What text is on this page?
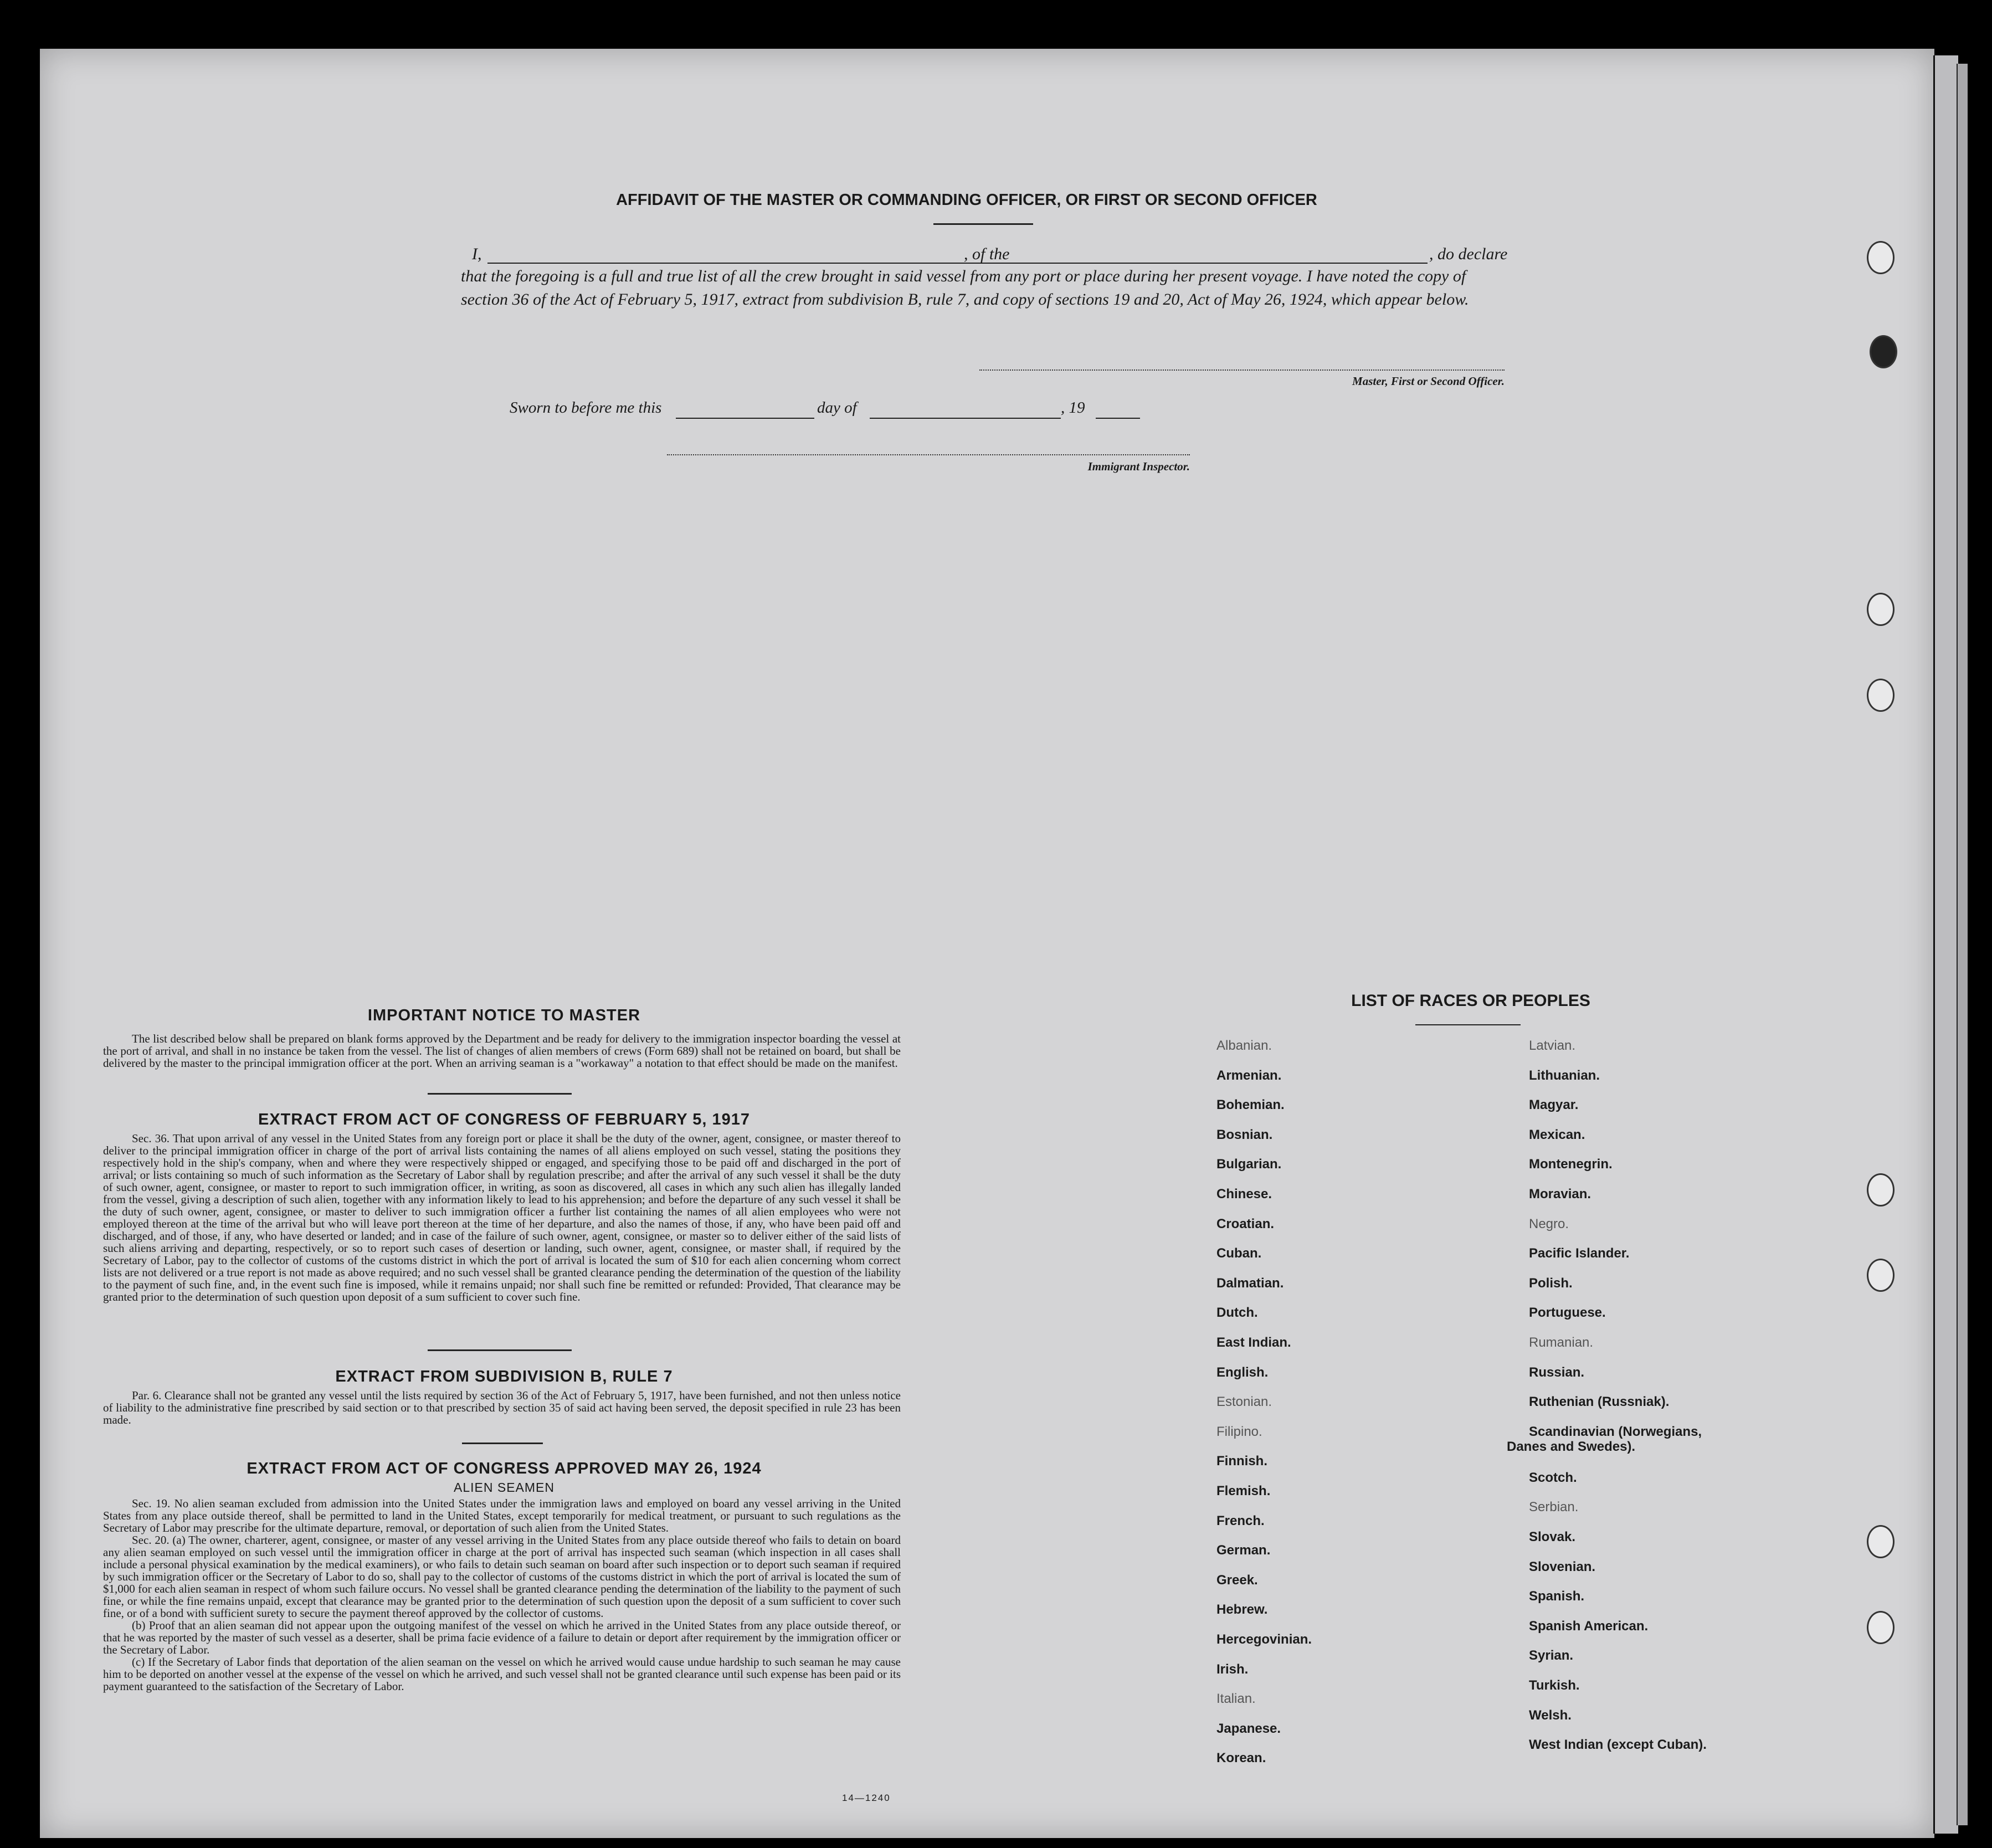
AFFIDAVIT OF THE MASTER OR COMMANDING OFFICER, OR FIRST OR SECOND OFFICER
I,	, of the	, do declare
that the foregoing is a full and true list of all the crew brought in said vessel from any port or place during her present voyage. I have noted the copy of section 36 of the Act of February 5, 1917, extract from subdivision B, rule 7, and copy of sections 19 and 20, Act of May 26, 1924, which appear below.
Master, First or Second Officer.
Sworn to before me this	day of	, 19
Immigrant Inspector.
IMPORTANT NOTICE TO MASTER
The list described below shall be prepared on blank forms approved by the Department and be ready for delivery to the immigration inspector boarding the vessel at the port of arrival, and shall in no instance be taken from the vessel. The list of changes of alien members of crews (Form 689) shall not be retained on board, but shall be delivered by the master to the principal immigration officer at the port. When an arriving seaman is a "workaway" a notation to that effect should be made on the manifest.
EXTRACT FROM ACT OF CONGRESS OF FEBRUARY 5, 1917
Sec. 36. That upon arrival of any vessel in the United States from any foreign port or place it shall be the duty of the owner, agent, consignee, or master thereof to deliver to the principal immigration officer in charge of the port of arrival lists containing the names of all aliens employed on such vessel, stating the positions they respectively hold in the ship's company, when and where they were respectively shipped or engaged, and specifying those to be paid off and discharged in the port of arrival; or lists containing so much of such information as the Secretary of Labor shall by regulation prescribe; and after the arrival of any such vessel it shall be the duty of such owner, agent, consignee, or master to report to such immigration officer, in writing, as soon as discovered, all cases in which any such alien has illegally landed from the vessel, giving a description of such alien, together with any information likely to lead to his apprehension; and before the departure of any such vessel it shall be the duty of such owner, agent, consignee, or master to deliver to such immigration officer a further list containing the names of all alien employees who were not employed thereon at the time of the arrival but who will leave port thereon at the time of her departure, and also the names of those, if any, who have been paid off and discharged, and of those, if any, who have deserted or landed; and in case of the failure of such owner, agent, consignee, or master so to deliver either of the said lists of such aliens arriving and departing, respectively, or so to report such cases of desertion or landing, such owner, agent, consignee, or master shall, if required by the Secretary of Labor, pay to the collector of customs of the customs district in which the port of arrival is located the sum of $10 for each alien concerning whom correct lists are not delivered or a true report is not made as above required; and no such vessel shall be granted clearance pending the determination of the question of the liability to the payment of such fine, and, in the event such fine is imposed, while it remains unpaid; nor shall such fine be remitted or refunded: Provided, That clearance may be granted prior to the determination of such question upon deposit of a sum sufficient to cover such fine.
EXTRACT FROM SUBDIVISION B, RULE 7
Par. 6. Clearance shall not be granted any vessel until the lists required by section 36 of the Act of February 5, 1917, have been furnished, and not then unless notice of liability to the administrative fine prescribed by said section or to that prescribed by section 35 of said act having been served, the deposit specified in rule 23 has been made.
EXTRACT FROM ACT OF CONGRESS APPROVED MAY 26, 1924
ALIEN SEAMEN
Sec. 19. No alien seaman excluded from admission into the United States under the immigration laws and employed on board any vessel arriving in the United States from any place outside thereof, shall be permitted to land in the United States, except temporarily for medical treatment, or pursuant to such regulations as the Secretary of Labor may prescribe for the ultimate departure, removal, or deportation of such alien from the United States.
Sec. 20. (a) The owner, charterer, agent, consignee, or master of any vessel arriving in the United States from any place outside thereof who fails to detain on board any alien seaman employed on such vessel until the immigration officer in charge at the port of arrival has inspected such seaman (which inspection in all cases shall include a personal physical examination by the medical examiners), or who fails to detain such seaman on board after such inspection or to deport such seaman if required by such immigration officer or the Secretary of Labor to do so, shall pay to the collector of customs of the customs district in which the port of arrival is located the sum of $1,000 for each alien seaman in respect of whom such failure occurs. No vessel shall be granted clearance pending the determination of the liability to the payment of such fine, or while the fine remains unpaid, except that clearance may be granted prior to the determination of such question upon the deposit of a sum sufficient to cover such fine, or of a bond with sufficient surety to secure the payment thereof approved by the collector of customs.
(b) Proof that an alien seaman did not appear upon the outgoing manifest of the vessel on which he arrived in the United States from any place outside thereof, or that he was reported by the master of such vessel as a deserter, shall be prima facie evidence of a failure to detain or deport after requirement by the immigration officer or the Secretary of Labor.
(c) If the Secretary of Labor finds that deportation of the alien seaman on the vessel on which he arrived would cause undue hardship to such seaman he may cause him to be deported on another vessel at the expense of the vessel on which he arrived, and such vessel shall not be granted clearance until such expense has been paid or its payment guaranteed to the satisfaction of the Secretary of Labor.
14—1240
LIST OF RACES OR PEOPLES
Albanian.
Armenian.
Bohemian.
Bosnian.
Bulgarian.
Chinese.
Croatian.
Cuban.
Dalmatian.
Dutch.
East Indian.
English.
Estonian.
Filipino.
Finnish.
Flemish.
French.
German.
Greek.
Hebrew.
Hercegovinian.
Irish.
Italian.
Japanese.
Korean.
Latvian.
Lithuanian.
Magyar.
Mexican.
Montenegrin.
Moravian.
Negro.
Pacific Islander.
Polish.
Portuguese.
Rumanian.
Russian.
Ruthenian (Russniak).
Scandinavian (Norwegians,
Danes and Swedes).
Scotch.
Serbian.
Slovak.
Slovenian.
Spanish.
Spanish American.
Syrian.
Turkish.
Welsh.
West Indian (except Cuban).
